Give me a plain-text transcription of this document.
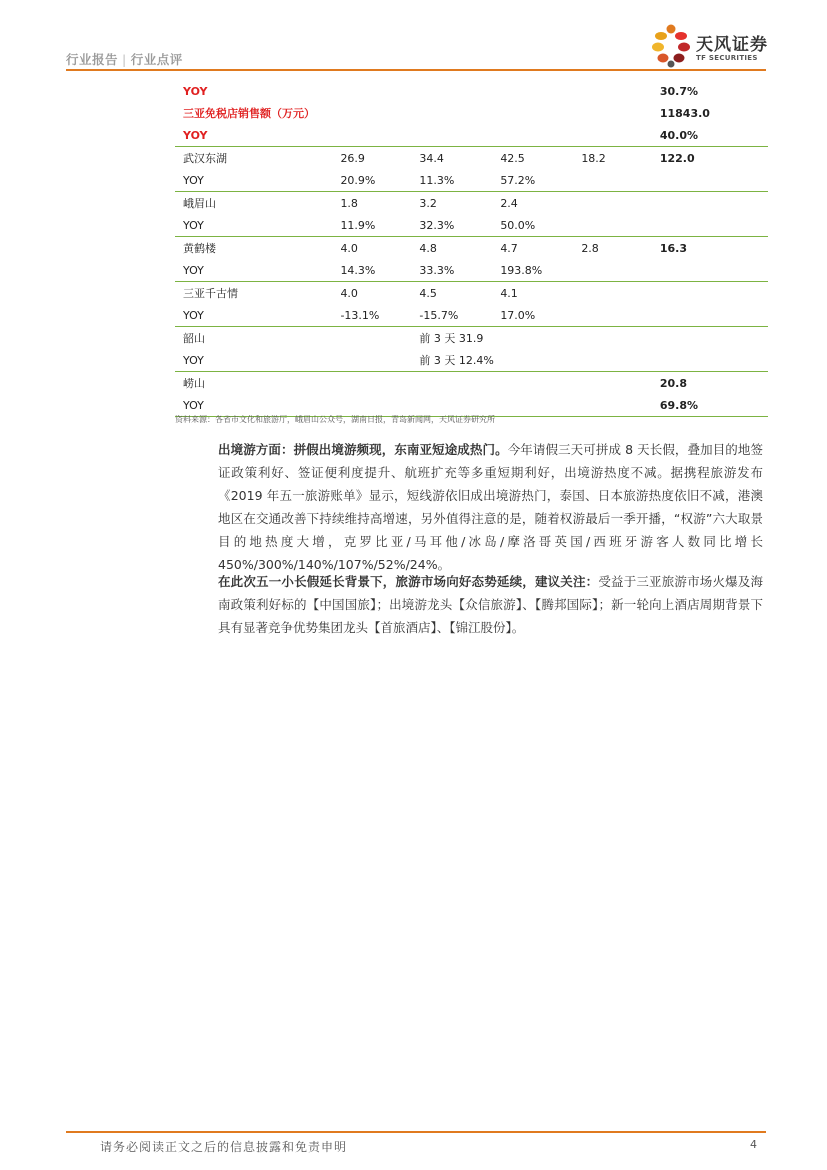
行业报告 | 行业点评
天风证券
TF SECURITIES
YOY					30.7%
三亚免税店销售额（万元）					11843.0
YOY					40.0%
武汉东湖	26.9	34.4	42.5	18.2	122.0
YOY	20.9%	11.3%	57.2%		
峨眉山	1.8	3.2	2.4		
YOY	11.9%	32.3%	50.0%		
黄鹤楼	4.0	4.8	4.7	2.8	16.3
YOY	14.3%	33.3%	193.8%		
三亚千古情	4.0	4.5	4.1		
YOY	-13.1%	-15.7%	17.0%		
韶山		前 3 天 31.9			
YOY		前 3 天 12.4%			
崂山					20.8
YOY					69.8%
资料来源：各省市文化和旅游厅，峨眉山公众号，湖南日报，青岛新闻网，天风证券研究所
出境游方面：拼假出境游频现，东南亚短途成热门。今年请假三天可拼成 8 天长假，叠加目的地签证政策利好、签证便利度提升、航班扩充等多重短期利好，出境游热度不减。据携程旅游发布《2019 年五一旅游账单》显示，短线游依旧成出境游热门，泰国、日本旅游热度依旧不减，港澳地区在交通改善下持续维持高增速，另外值得注意的是，随着权游最后一季开播，“权游”六大取景目的地热度大增，克罗比亚/马耳他/冰岛/摩洛哥英国/西班牙游客人数同比增长 450%/300%/140%/107%/52%/24%。
在此次五一小长假延长背景下，旅游市场向好态势延续，建议关注：受益于三亚旅游市场火爆及海南政策利好标的【中国国旅】；出境游龙头【众信旅游】、【腾邦国际】；新一轮向上酒店周期背景下具有显著竞争优势集团龙头【首旅酒店】、【锦江股份】。
请务必阅读正文之后的信息披露和免责申明	4
